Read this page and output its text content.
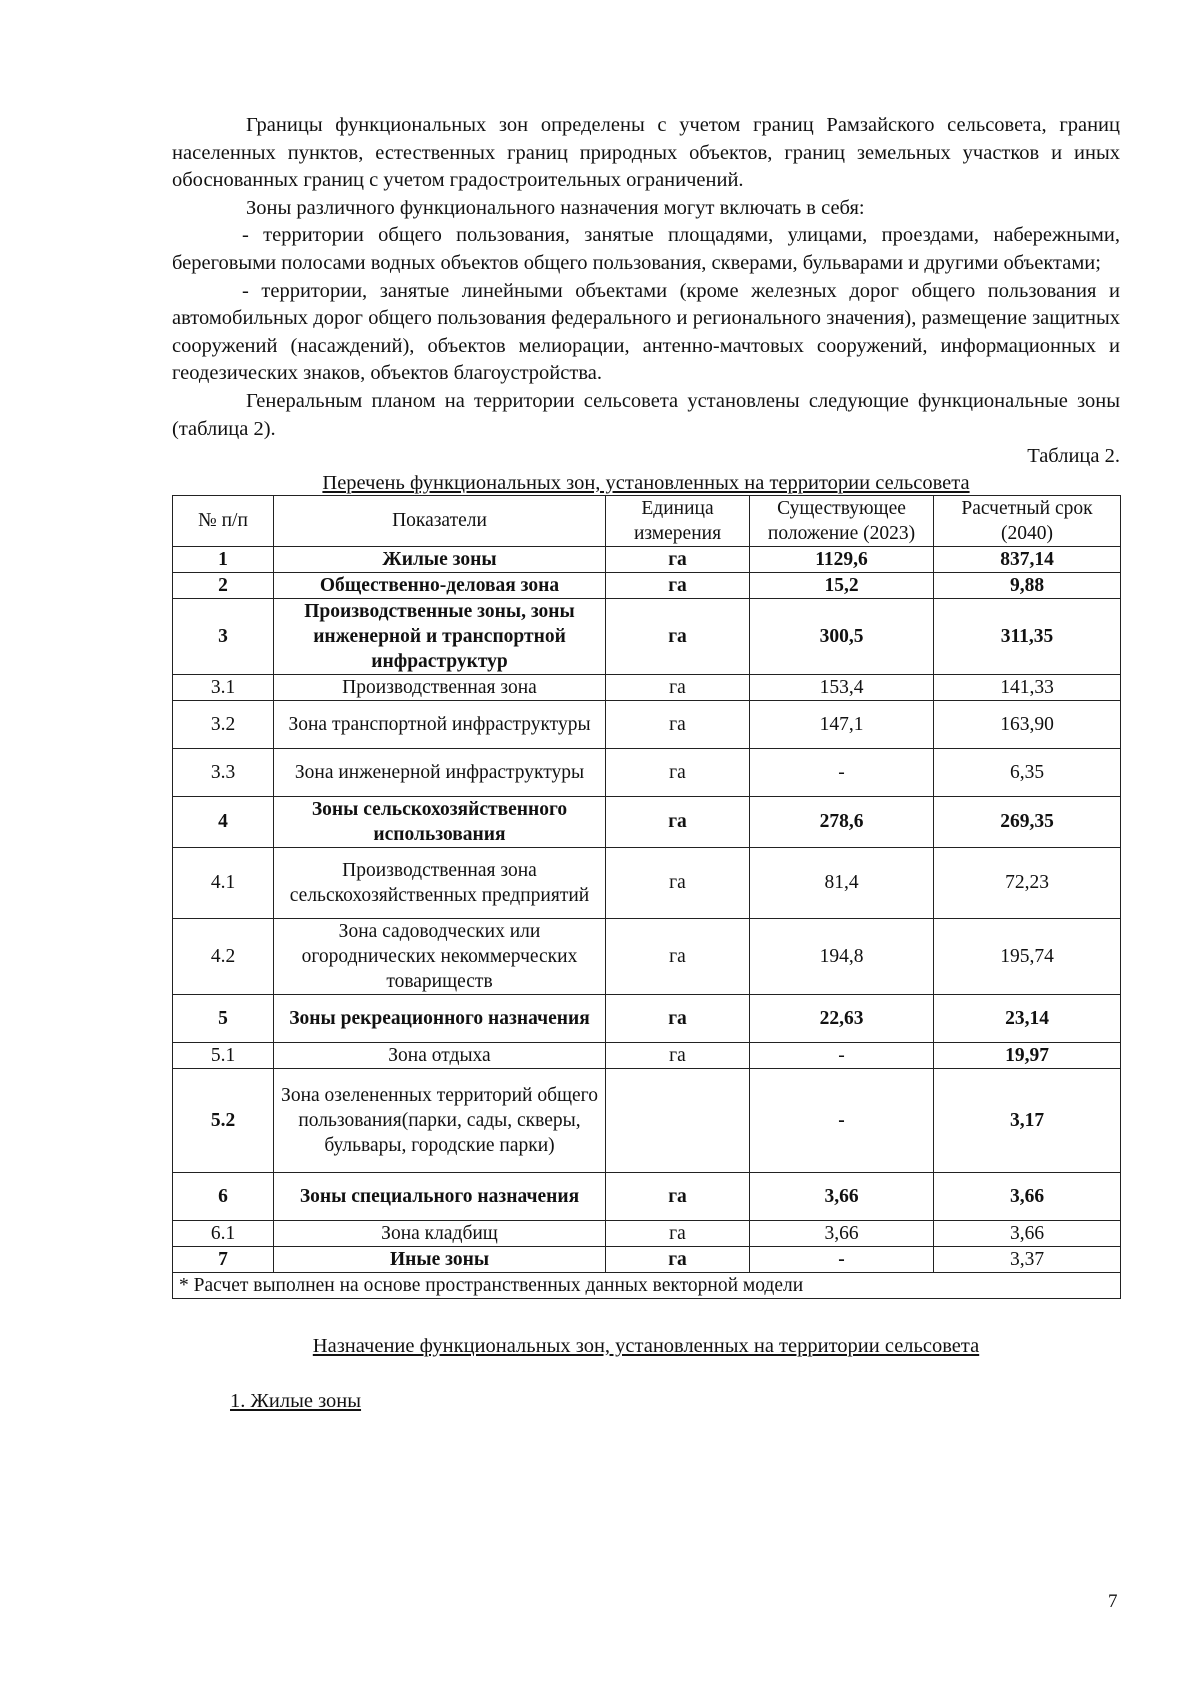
Границы функциональных зон определены с учетом границ Рамзайского сельсовета, границ населенных пунктов, естественных границ природных объектов, границ земельных участков и иных обоснованных границ с учетом градостроительных ограничений.

Зоны различного функционального назначения могут включать в себя:

- территории общего пользования, занятые площадями, улицами, проездами, набережными, береговыми полосами водных объектов общего пользования, скверами, бульварами и другими объектами;

- территории, занятые линейными объектами (кроме железных дорог общего пользования и автомобильных дорог общего пользования федерального и регионального значения), размещение защитных сооружений (насаждений), объектов мелиорации, антенно-мачтовых сооружений, информационных и геодезических знаков, объектов благоустройства.

Генеральным планом на территории сельсовета установлены следующие функциональные зоны (таблица 2).

Таблица 2.

Перечень функциональных зон, установленных на территории сельсовета
№ п/п	Показатели	Единица измерения	Существующее положение (2023)	Расчетный срок (2040)
1	Жилые зоны	га	1129,6	837,14
2	Общественно-деловая зона	га	15,2	9,88
3	Производственные зоны, зоны инженерной и транспортной инфраструктур	га	300,5	311,35
3.1	Производственная зона	га	153,4	141,33
3.2	Зона транспортной инфраструктуры	га	147,1	163,90
3.3	Зона инженерной инфраструктуры	га	-	6,35
4	Зоны сельскохозяйственного использования	га	278,6	269,35
4.1	Производственная зона сельскохозяйственных предприятий	га	81,4	72,23
4.2	Зона садоводческих или огороднических некоммерческих товариществ	га	194,8	195,74
5	Зоны рекреационного назначения	га	22,63	23,14
5.1	Зона отдыха	га	-	19,97
5.2	Зона озелененных территорий общего пользования(парки, сады, скверы, бульвары, городские парки)		-	3,17
6	Зоны специального назначения	га	3,66	3,66
6.1	Зона кладбищ	га	3,66	3,66
7	Иные зоны	га	-	3,37
* Расчет выполнен на основе пространственных данных векторной модели				
Назначение функциональных зон, установленных на территории сельсовета
1. Жилые зоны
7
